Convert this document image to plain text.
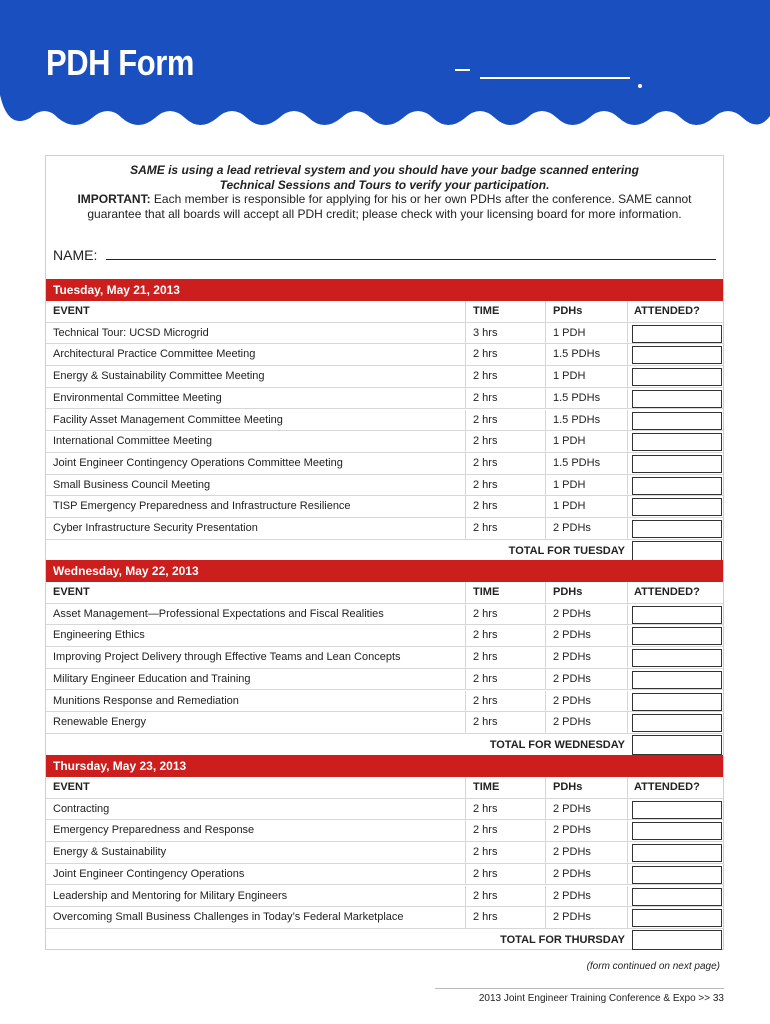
PDH Form
SAME is using a lead retrieval system and you should have your badge scanned entering
Technical Sessions and Tours to verify your participation.
IMPORTANT: Each member is responsible for applying for his or her own PDHs after the conference. SAME cannot
guarantee that all boards will accept all PDH credit; please check with your licensing board for more information.
NAME:
Tuesday, May 21, 2013
EVENT	TIME	PDHs	ATTENDED?
Technical Tour: UCSD Microgrid	3 hrs	1 PDH
Architectural Practice Committee Meeting	2 hrs	1.5 PDHs
Energy & Sustainability Committee Meeting	2 hrs	1 PDH
Environmental Committee Meeting	2 hrs	1.5 PDHs
Facility Asset Management Committee Meeting	2 hrs	1.5 PDHs
International Committee Meeting	2 hrs	1 PDH
Joint Engineer Contingency Operations Committee Meeting	2 hrs	1.5 PDHs
Small Business Council Meeting	2 hrs	1 PDH
TISP Emergency Preparedness and Infrastructure Resilience	2 hrs	1 PDH
Cyber Infrastructure Security Presentation	2 hrs	2 PDHs
TOTAL FOR TUESDAY
Wednesday, May 22, 2013
EVENT	TIME	PDHs	ATTENDED?
Asset Management—Professional Expectations and Fiscal Realities	2 hrs	2 PDHs
Engineering Ethics	2 hrs	2 PDHs
Improving Project Delivery through Effective Teams and Lean Concepts	2 hrs	2 PDHs
Military Engineer Education and Training	2 hrs	2 PDHs
Munitions Response and Remediation	2 hrs	2 PDHs
Renewable Energy	2 hrs	2 PDHs
TOTAL FOR WEDNESDAY
Thursday, May 23, 2013
EVENT	TIME	PDHs	ATTENDED?
Contracting	2 hrs	2 PDHs
Emergency Preparedness and Response	2 hrs	2 PDHs
Energy & Sustainability	2 hrs	2 PDHs
Joint Engineer Contingency Operations	2 hrs	2 PDHs
Leadership and Mentoring for Military Engineers	2 hrs	2 PDHs
Overcoming Small Business Challenges in Today’s Federal Marketplace	2 hrs	2 PDHs
TOTAL FOR THURSDAY
(form continued on next page)
2013 Joint Engineer Training Conference & Expo >> 33
